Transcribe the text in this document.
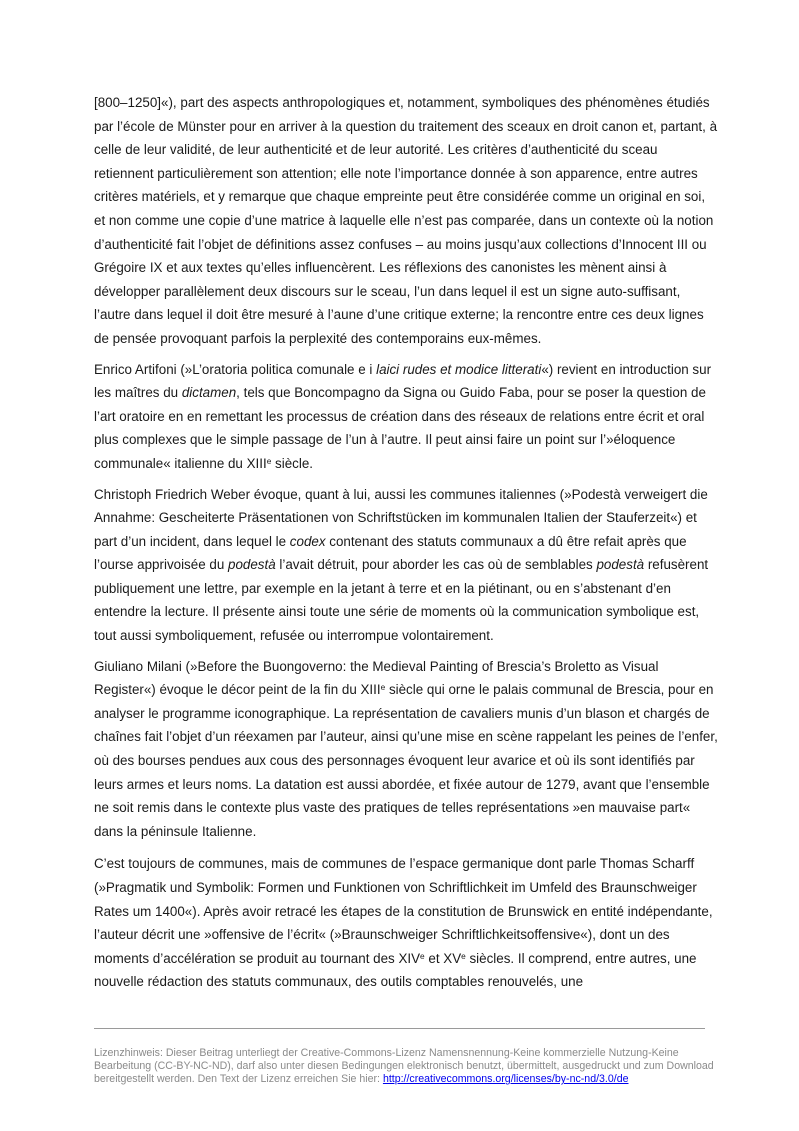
[800–1250]«), part des aspects anthropologiques et, notamment, symboliques des phénomènes étudiés par l’école de Münster pour en arriver à la question du traitement des sceaux en droit canon et, partant, à celle de leur validité, de leur authenticité et de leur autorité. Les critères d’authenticité du sceau retiennent particulièrement son attention; elle note l’importance donnée à son apparence, entre autres critères matériels, et y remarque que chaque empreinte peut être considérée comme un original en soi, et non comme une copie d’une matrice à laquelle elle n’est pas comparée, dans un contexte où la notion d’authenticité fait l’objet de définitions assez confuses – au moins jusqu’aux collections d’Innocent III ou Grégoire IX et aux textes qu’elles influencèrent. Les réflexions des canonistes les mènent ainsi à développer parallèlement deux discours sur le sceau, l’un dans lequel il est un signe auto-suffisant, l’autre dans lequel il doit être mesuré à l’aune d’une critique externe; la rencontre entre ces deux lignes de pensée provoquant parfois la perplexité des contemporains eux-mêmes.

Enrico Artifoni (»L’oratoria politica comunale e i laici rudes et modice litterati«) revient en introduction sur les maîtres du dictamen, tels que Boncompagno da Signa ou Guido Faba, pour se poser la question de l’art oratoire en en remettant les processus de création dans des réseaux de relations entre écrit et oral plus complexes que le simple passage de l’un à l’autre. Il peut ainsi faire un point sur l’»éloquence communale« italienne du XIIIe siècle.

Christoph Friedrich Weber évoque, quant à lui, aussi les communes italiennes (»Podestà verweigert die Annahme: Gescheiterte Präsentationen von Schriftstücken im kommunalen Italien der Stauferzeit«) et part d’un incident, dans lequel le codex contenant des statuts communaux a dû être refait après que l’ourse apprivoisée du podestà l’avait détruit, pour aborder les cas où de semblables podestà refusèrent publiquement une lettre, par exemple en la jetant à terre et en la piétinant, ou en s’abstenant d’en entendre la lecture. Il présente ainsi toute une série de moments où la communication symbolique est, tout aussi symboliquement, refusée ou interrompue volontairement.

Giuliano Milani (»Before the Buongoverno: the Medieval Painting of Brescia’s Broletto as Visual Register«) évoque le décor peint de la fin du XIIIe siècle qui orne le palais communal de Brescia, pour en analyser le programme iconographique. La représentation de cavaliers munis d’un blason et chargés de chaînes fait l’objet d’un réexamen par l’auteur, ainsi qu’une mise en scène rappelant les peines de l’enfer, où des bourses pendues aux cous des personnages évoquent leur avarice et où ils sont identifiés par leurs armes et leurs noms. La datation est aussi abordée, et fixée autour de 1279, avant que l’ensemble ne soit remis dans le contexte plus vaste des pratiques de telles représentations »en mauvaise part« dans la péninsule Italienne.

C’est toujours de communes, mais de communes de l’espace germanique dont parle Thomas Scharff (»Pragmatik und Symbolik: Formen und Funktionen von Schriftlichkeit im Umfeld des Braunschweiger Rates um 1400«). Après avoir retracé les étapes de la constitution de Brunswick en entité indépendante, l’auteur décrit une »offensive de l’écrit« (»Braunschweiger Schriftlichkeitsoffensive«), dont un des moments d’accélération se produit au tournant des XIVe et XVe siècles. Il comprend, entre autres, une nouvelle rédaction des statuts communaux, des outils comptables renouvelés, une

Lizenzhinweis: Dieser Beitrag unterliegt der Creative-Commons-Lizenz Namensnennung-Keine kommerzielle Nutzung-Keine Bearbeitung (CC-BY-NC-ND), darf also unter diesen Bedingungen elektronisch benutzt, übermittelt, ausgedruckt und zum Download bereitgestellt werden. Den Text der Lizenz erreichen Sie hier: http://creativecommons.org/licenses/by-nc-nd/3.0/de
